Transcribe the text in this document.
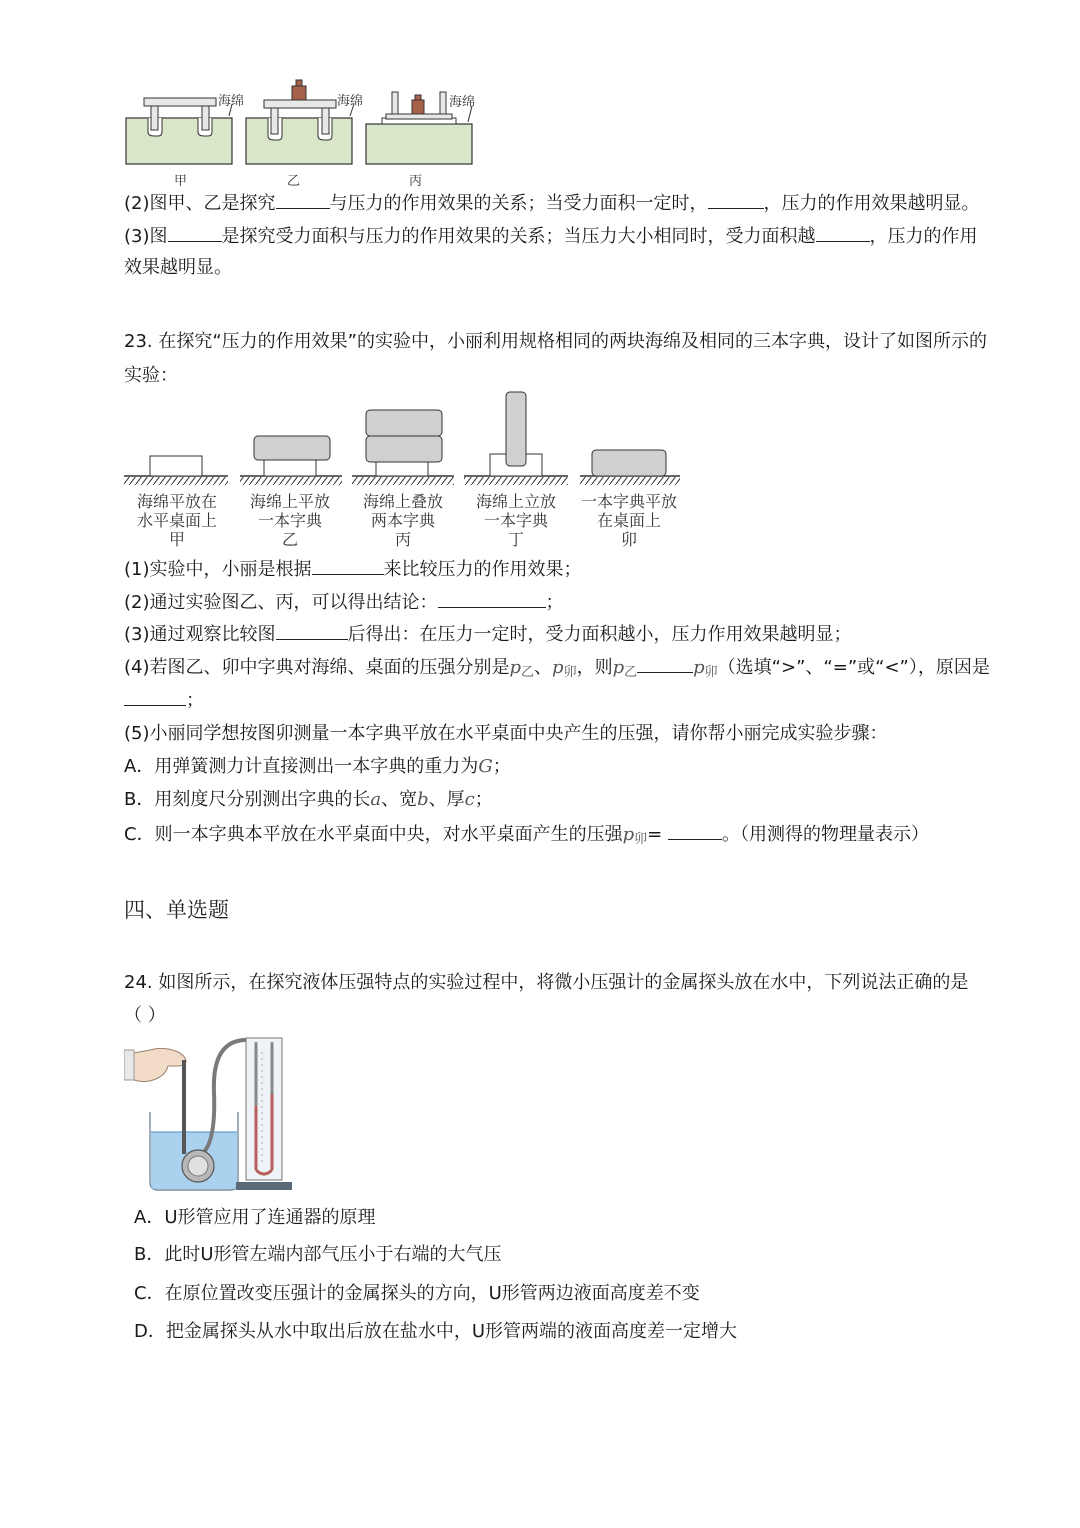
海绵	海绵	海绵
甲	乙	丙
(2)图甲、乙是探究	与压力的作用效果的关系；当受力面积一定时，	，压力的作用效果越明显。
(3)图	是探究受力面积与压力的作用效果的关系；当压力大小相同时，受力面积越	，压力的作用
效果越明显。
23. 在探究“压力的作用效果”的实验中，小丽利用规格相同的两块海绵及相同的三本字典，设计了如图所示的
实验：
海绵平放在
水平桌面上
甲
海绵上平放
一本字典
乙
海绵上叠放
两本字典
丙
海绵上立放
一本字典
丁
一本字典平放
在桌面上
卯
(1)实验中，小丽是根据	来比较压力的作用效果；
(2)通过实验图乙、丙，可以得出结论：	；
(3)通过观察比较图	后得出：在压力一定时，受力面积越小，压力作用效果越明显；
(4)若图乙、卯中字典对海绵、桌面的压强分别是$p_乙$、$p_卯$，则$p_乙$	$p_卯$（选填“>”、“=”或“<”），原因是
；
(5)小丽同学想按图卯测量一本字典平放在水平桌面中央产生的压强，请你帮小丽完成实验步骤：
A．用弹簧测力计直接测出一本字典的重力为G；
B．用刻度尺分别测出字典的长a、宽b、厚c；
C．则一本字典本平放在水平桌面中央，对水平桌面产生的压强$p_卯=$	。（用测得的物理量表示）
四、单选题
24. 如图所示，在探究液体压强特点的实验过程中，将微小压强计的金属探头放在水中，下列说法正确的是
（ ）
A．U形管应用了连通器的原理
B．此时U形管左端内部气压小于右端的大气压
C．在原位置改变压强计的金属探头的方向，U形管两边液面高度差不变
D．把金属探头从水中取出后放在盐水中，U形管两端的液面高度差一定增大
